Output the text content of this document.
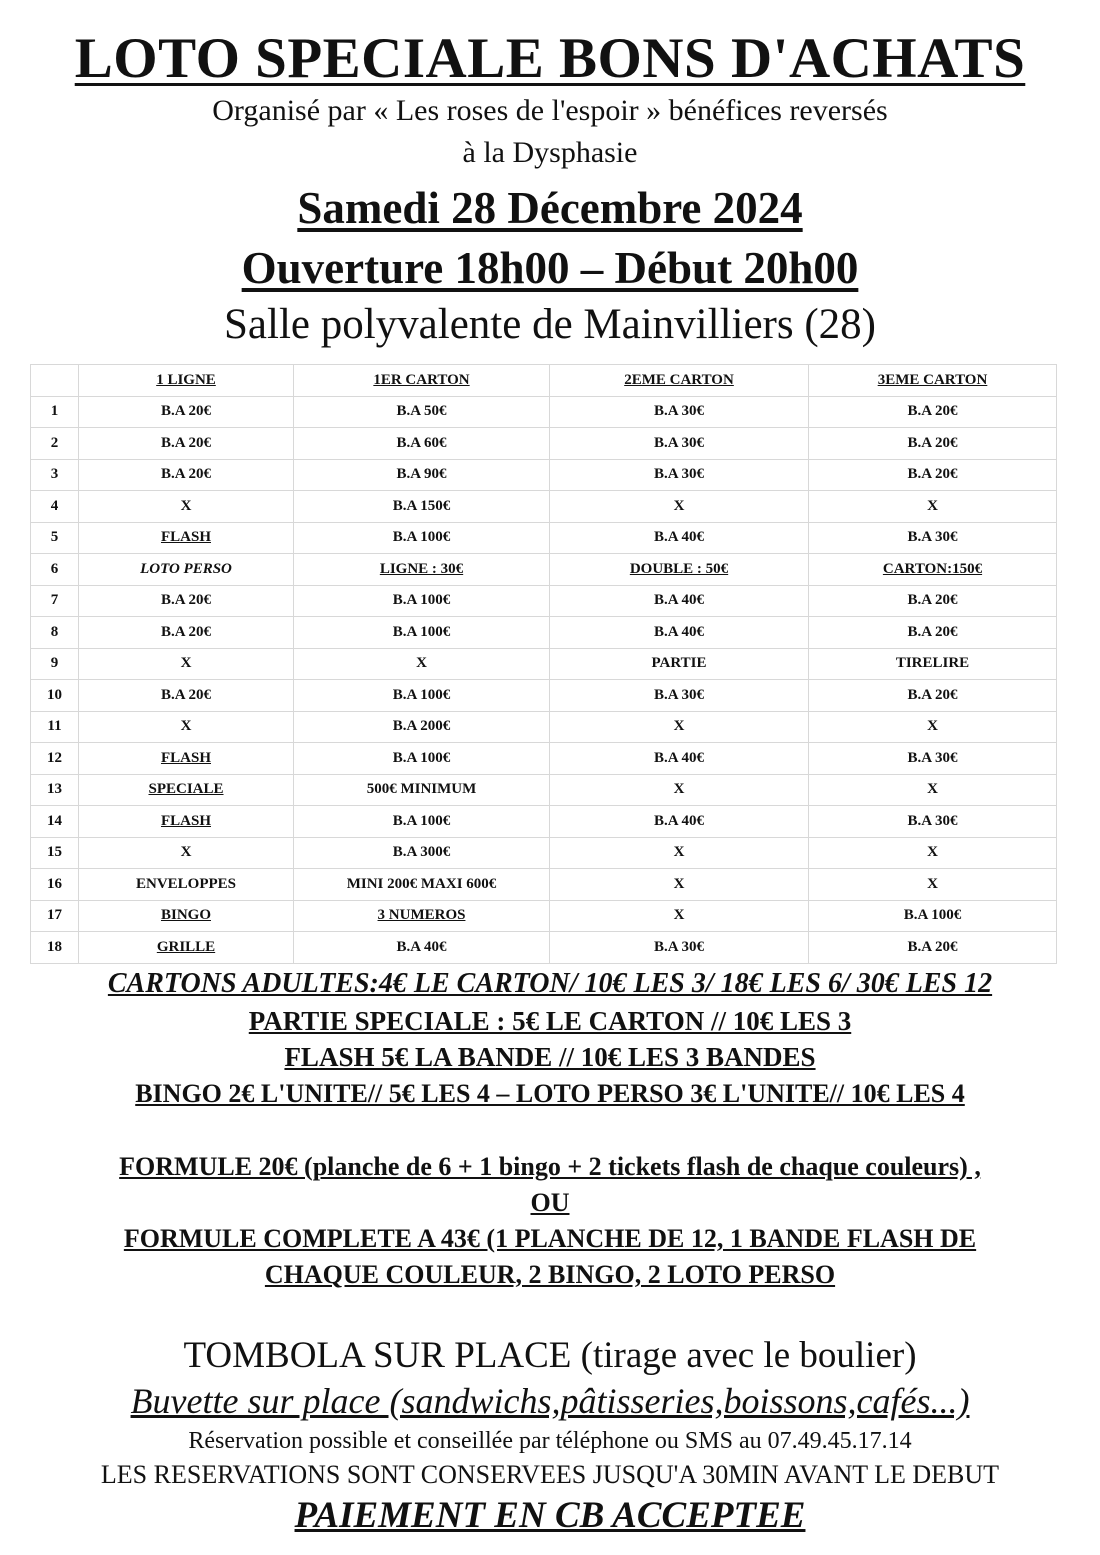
LOTO SPECIALE BONS D'ACHATS
Organisé par « Les roses de l'espoir » bénéfices reversés
à la Dysphasie
Samedi 28 Décembre 2024
Ouverture 18h00 – Début 20h00
Salle polyvalente de Mainvilliers (28)
	1 LIGNE	1ER CARTON	2EME CARTON	3EME CARTON
1	B.A 20€	B.A 50€	B.A 30€	B.A 20€
2	B.A 20€	B.A 60€	B.A 30€	B.A 20€
3	B.A 20€	B.A 90€	B.A 30€	B.A 20€
4	X	B.A 150€	X	X
5	FLASH	B.A 100€	B.A 40€	B.A 30€
6	LOTO PERSO	LIGNE : 30€	DOUBLE : 50€	CARTON:150€
7	B.A 20€	B.A 100€	B.A 40€	B.A 20€
8	B.A 20€	B.A 100€	B.A 40€	B.A 20€
9	X	X	PARTIE	TIRELIRE
10	B.A 20€	B.A 100€	B.A 30€	B.A 20€
11	X	B.A 200€	X	X
12	FLASH	B.A 100€	B.A 40€	B.A 30€
13	SPECIALE	500€ MINIMUM	X	X
14	FLASH	B.A 100€	B.A 40€	B.A 30€
15	X	B.A 300€	X	X
16	ENVELOPPES	MINI 200€ MAXI 600€	X	X
17	BINGO	3 NUMEROS	X	B.A 100€
18	GRILLE	B.A 40€	B.A 30€	B.A 20€
CARTONS ADULTES:4€ LE CARTON/ 10€ LES 3/ 18€ LES 6/ 30€ LES 12
PARTIE SPECIALE : 5€ LE CARTON // 10€ LES 3
FLASH 5€ LA BANDE // 10€ LES 3 BANDES
BINGO 2€ L'UNITE// 5€ LES 4 – LOTO PERSO 3€ L'UNITE// 10€ LES 4
FORMULE 20€ (planche de 6 + 1 bingo + 2 tickets flash de chaque couleurs) ,
OU
FORMULE COMPLETE A 43€ (1 PLANCHE DE 12, 1 BANDE FLASH DE
CHAQUE COULEUR, 2 BINGO, 2 LOTO PERSO
TOMBOLA SUR PLACE (tirage avec le boulier)
Buvette sur place (sandwichs,pâtisseries,boissons,cafés...)
Réservation possible et conseillée par téléphone ou SMS au 07.49.45.17.14
LES RESERVATIONS SONT CONSERVEES JUSQU'A 30MIN AVANT LE DEBUT
PAIEMENT EN CB ACCEPTEE
